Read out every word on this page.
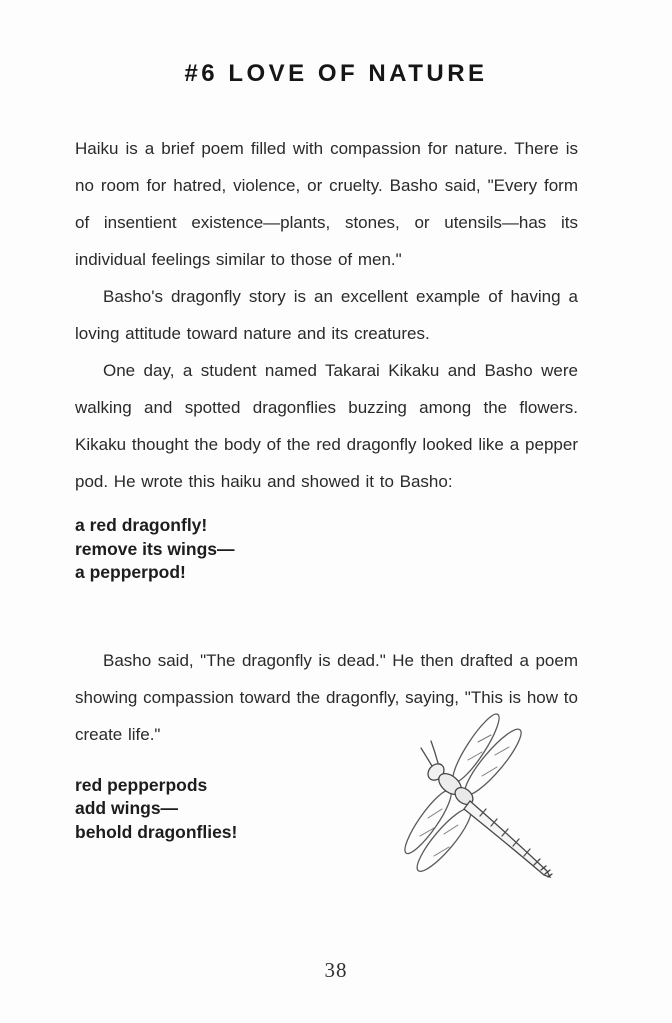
#6 LOVE OF NATURE

Haiku is a brief poem filled with compassion for nature. There is no room for hatred, violence, or cruelty. Basho said, "Every form of insentient existence—plants, stones, or utensils—has its individual feelings similar to those of men."

Basho's dragonfly story is an excellent example of having a loving attitude toward nature and its creatures.

One day, a student named Takarai Kikaku and Basho were walking and spotted dragonflies buzzing among the flowers. Kikaku thought the body of the red dragonfly looked like a pepper pod. He wrote this haiku and showed it to Basho:

a red dragonfly!
remove its wings—
a pepperpod!

Basho said, "The dragonfly is dead." He then drafted a poem showing compassion toward the dragonfly, saying, "This is how to create life."

red pepperpods
add wings—
behold dragonflies!
38
